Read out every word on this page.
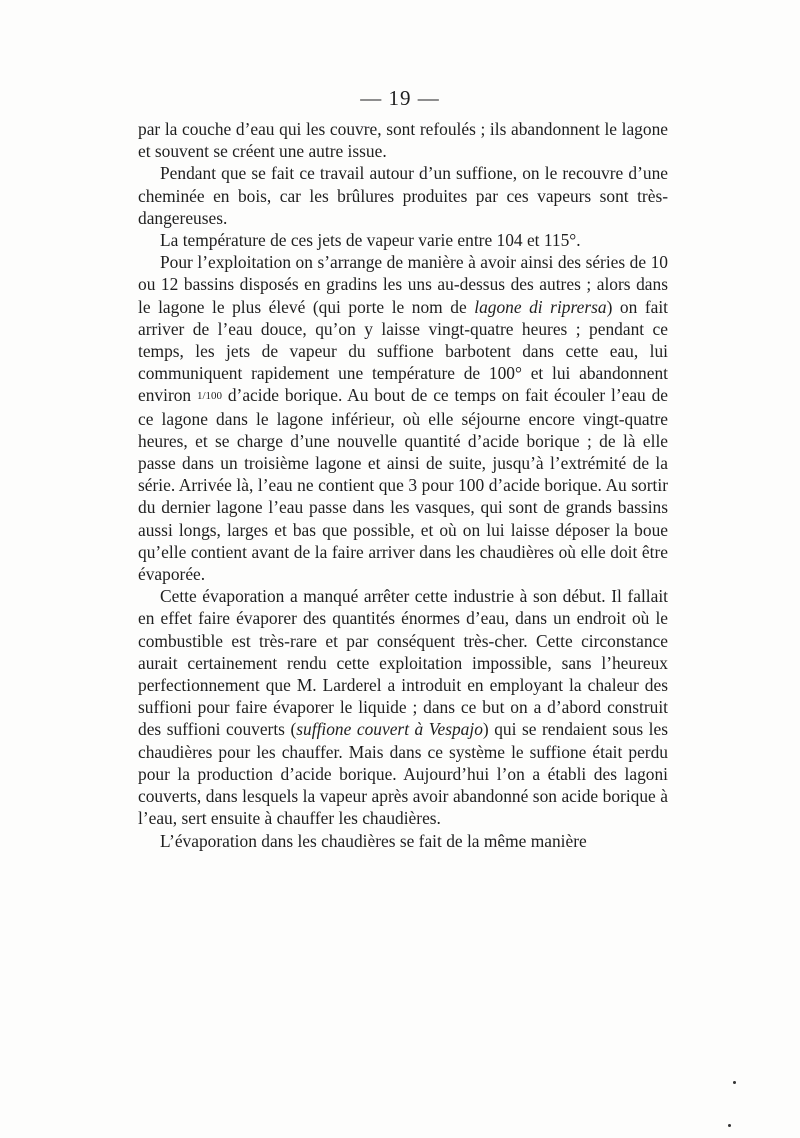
— 19 —

par la couche d’eau qui les couvre, sont refoulés ; ils abandonnent le lagone et souvent se créent une autre issue.

Pendant que se fait ce travail autour d’un suffione, on le recouvre d’une cheminée en bois, car les brûlures produites par ces vapeurs sont très-dangereuses.

La température de ces jets de vapeur varie entre 104 et 115°.

Pour l’exploitation on s’arrange de manière à avoir ainsi des séries de 10 ou 12 bassins disposés en gradins les uns au-dessus des autres ; alors dans le lagone le plus élevé (qui porte le nom de lagone di riprersa) on fait arriver de l’eau douce, qu’on y laisse vingt-quatre heures ; pendant ce temps, les jets de vapeur du suffione barbotent dans cette eau, lui communiquent rapidement une température de 100° et lui abandonnent environ 1/100 d’acide borique. Au bout de ce temps on fait écouler l’eau de ce lagone dans le lagone inférieur, où elle séjourne encore vingt-quatre heures, et se charge d’une nouvelle quantité d’acide borique ; de là elle passe dans un troisième lagone et ainsi de suite, jusqu’à l’extrémité de la série. Arrivée là, l’eau ne contient que 3 pour 100 d’acide borique. Au sortir du dernier lagone l’eau passe dans les vasques, qui sont de grands bassins aussi longs, larges et bas que possible, et où on lui laisse déposer la boue qu’elle contient avant de la faire arriver dans les chaudières où elle doit être évaporée.

Cette évaporation a manqué arrêter cette industrie à son début. Il fallait en effet faire évaporer des quantités énormes d’eau, dans un endroit où le combustible est très-rare et par conséquent très-cher. Cette circonstance aurait certainement rendu cette exploitation impossible, sans l’heureux perfectionnement que M. Larderel a introduit en employant la chaleur des suffioni pour faire évaporer le liquide ; dans ce but on a d’abord construit des suffioni couverts (suffione couvert à Vespajo) qui se rendaient sous les chaudières pour les chauffer. Mais dans ce système le suffione était perdu pour la production d’acide borique. Aujourd’hui l’on a établi des lagoni couverts, dans lesquels la vapeur après avoir abandonné son acide borique à l’eau, sert ensuite à chauffer les chaudières.

L’évaporation dans les chaudières se fait de la même manière
